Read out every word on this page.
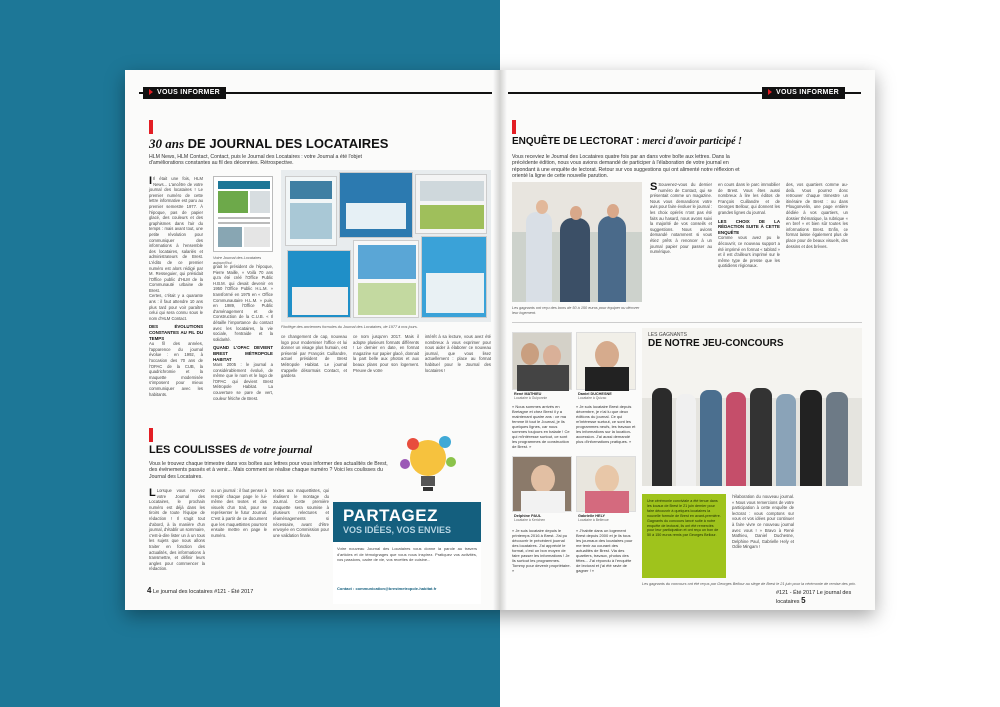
VOUS INFORMER
30 ans DE JOURNAL DES LOCATAIRES
HLM News, HLM Contact, Contact, puis le Journal des Locataires : votre Journal a été l'objet d'améliorations constantes au fil des décennies. Rétrospective.
I Il était une fois, HLM News... L'ancêtre de votre journal des locataires ! Le premier numéro de cette lettre informative est paru au premier semestre 1977. À l'époque, pas de papier glacé, des couleurs et des graphismes dans l'air du temps : mais avant tout, une petite révolution pour communiquer des informations à l'ensemble des locataires, salariés et administrateurs de Brest. L'édito de ce premier numéro est alors rédigé par M. Resseguier, qui présidait l'Office public d'HLM de la Communauté urbaine de Brest.
Certes, c'était y a quarante ans : il faut attendre 10 ans plus tard pour voir paraître celui qui sera connu sous le nom d'HLM Contact.
DES ÉVOLUTIONS CONSTANTES AU FIL DU TEMPS
Au fil des années, l'apparence du journal évolue : en 1992, à l'occasion des 70 ans de l'OPAC de la CUB, la quadrichromie et la maquette modernisée s'imposent pour mieux communiquer avec les habitants.
Votre Journal des Locataires aujourd'hui.
Florilège des anciennes formules du Journal des Locataires, de 1977 à nos jours.
gnait le président de l'époque, Pierre Maille, « Voilà 70 ans qu'a été créé l'Office Public H.B.M. qui devait devenir en 1950 l'Office Public H.L.M. » transformé en 1975 en « Office Communautaire H.L.M. » puis, en 1989, l'Office Public d'aménagement et de Construction de la C.U.B. « Il détaille l'importance du contact avec les locataires, la vie sociale, l'entraide et la solidarité.
QUAND L'OPAC DEVIENT BREST MÉTROPOLE HABITAT
Mars 2005 : le journal a considérablement évolué, de même que le nom et le logo de l'OPAC qui devient Brest Métropole Habitat. La couverture se pare de vert, couleur fétiche de Brest.
ce changement de cap, nouveau logo pour moderniser l'office et lui donner un visage plus humain, est présenté par François Cuillandre, actuel président de Brest Métropole Habitat. Le journal s'appelle désormais Contact, et gardera
ce nom jusqu'en 2017. Mais il adopte plusieurs formats différents ! Le dernier en date, en format magazine sur papier glacé, donnait la part belle aux photos et aux beaux plans pour son logement. Preuve de votre
intérêt à sa lecture, vous avez été nombreux à vous exprimer pour nous aider à élaborer ce nouveau journal, que vous lisez actuellement : place au format habituel pour le Journal des locataires !
LES COULISSES de votre journal
Vous le trouvez chaque trimestre dans vos boîtes aux lettres pour vous informer des actualités de Brest, des événements passés et à venir... Mais comment se réalise chaque numéro ? Voici les coulisses du Journal des Locataires.
L Lorsque vous recevez votre Journal des Locataires, le prochain numéro est déjà dans les tiroirs de toute l'équipe de rédaction ! Il s'agit tout d'abord, à la manière d'un journal, d'établir un sommaire, c'est-à-dire lister un à un tous les sujets que nous allons traiter en fonction des actualités, des informations à transmettre, et définir leurs angles pour commencer la rédaction.
ou un journal : il faut penser à remplir chaque page le lui-même des textes et des visuels d'un trait, pour se représenter le futur Journal. C'est à partir de ce document que les maquettistes pourront ensuite mettre en page le numéro.
textes aux maquettistes, qui réalisent le montage du Journal. Cette première maquette sera soumise à plusieurs relectures et réaménagements si nécessaire, avant d'être envoyée en Commission pour une validation finale.
PARTAGEZ
VOS IDÉES, VOS ENVIES
Votre nouveau Journal des Locataires vous donne la parole au travers d'articles et de témoignages que vous nous inspirez. Pratiquez vos activités, vos passions, cadre de vie, vos recettes de cuisine...
Contact : communication@brestmetropole-habitat.fr
4 Le journal des locataires #121 - Été 2017
VOUS INFORMER
ENQUÊTE DE LECTORAT : merci d'avoir participé !
Vous receviez le Journal des Locataires quatre fois par an dans votre boîte aux lettres. Dans la précédente édition, nous vous avions demandé de participer à l'élaboration de votre journal en répondant à une enquête de lectorat. Retour sur vos suggestions qui ont alimenté notre réflexion et orienté la ligne de cette nouvelle parution.
Les gagnants ont reçu des bons de 50 à 150 euros pour équiper ou décorer leur logement.
S Souvenez-vous du dernier numéro de Contact, qui se présentait comme un magazine. Nous vous demandions votre avis pour faire évoluer le journal : les choix opérés n'ont pas été faits au hasard, nous avons suivi la majorité de vos conseils et suggestions. Nous avions demandé notamment si vous étiez prêts à renoncer à un journal papier pour passer au numérique.
en cours dans le parc immobilier de Brest. Vous êtes aussi nombreux à lire les éditos de François Cuillandre et de Georges Bellour, qui donnent les grandes lignes du journal.
LES CHOIX DE LA RÉDACTION SUITE À CETTE ENQUÊTE
Comme vous avez pu le découvrir, ce nouveau support a été imprimé en format « tabloïd » et il est d'ailleurs imprimé sur le même type de presse que les quotidiens régionaux.
des, vos quartiers comme au-delà. Vous pourrez donc retrouver chaque trimestre un itinéraire de Brest : ou dans Plougonvelin, une page entière dédiée à vos quartiers, un dossier thématique, la rubrique « en bref » et bien sûr toutes les informations Brest. Enfin, ce format laisse également plus de place pour de beaux visuels, des dessins et des brèves.
René MATHIEU
Locataire à Guiponnie
Daniel DUCHESNE
Locataire à Quizac
« Nous sommes arrivés en Bretagne et chez Brest il y a maintenant quatre ans : ce ma femme lit tout le Journal, je lis quelques lignes, car nous sommes toujours en balade ! Ce qui m'intéresse surtout, ce sont les programmes de construction de Brest. »
« Je suis locataire Brest depuis décembre, je n'ai lu que deux éditions du journal. Ce qui m'intéresse surtout, ce sont les programmes neufs, les travaux et les informations sur la location-accession. J'ai aussi demandé plus d'informations pratiques. »
Delphine PAUL
Locataire à Kerichen
Gabrielle HELY
Locataire à Bellevue
« Je suis locataire depuis le printemps 2016 à Brest. J'ai pu découvrir le précédent journal des locataires. J'ai apprécié le format, c'est un bon moyen de faire passer les informations ! Je lis surtout les programmes. Tommy pour devenir propriétaire. »
« J'habite dans un logement Brest depuis 2000 et je lis tous les journaux des locataires pour me tenir au courant des actualités de Brest. Via des quartiers, travaux, photos des fêtes... J'ai répondu à l'enquête de lectorat et j'ai été ravie de gagner ! »
LES GAGNANTS
DE NOTRE JEU-CONCOURS
Une cérémonie conviviale a été tenue dans les locaux de Brest le 21 juin dernier pour faire découvrir à quelques locataires la nouvelle formule de Brest en avant-première. Gagnants du concours lancé suite à notre enquête de lectorat, ils ont été remerciés pour leur participation et ont reçu un bon de 50 à 150 euros remis par Georges Bellour.
l'élaboration du nouveau journal. « Nous vous remercions de votre participation à cette enquête de lectorat : vous comptons sur vous et vos idées pour continuer à faire vivre ce nouveau journal avec vous ! » Bravo à René Mathieu, Daniel Duchesne, Delphine Paul, Gabrielle Hely et Odile Mingam !
Les gagnants du concours ont été reçus par Georges Bellour au siège de Brest le 21 juin pour la cérémonie de remise des prix.
#121 - Été 2017 Le journal des locataires 5
